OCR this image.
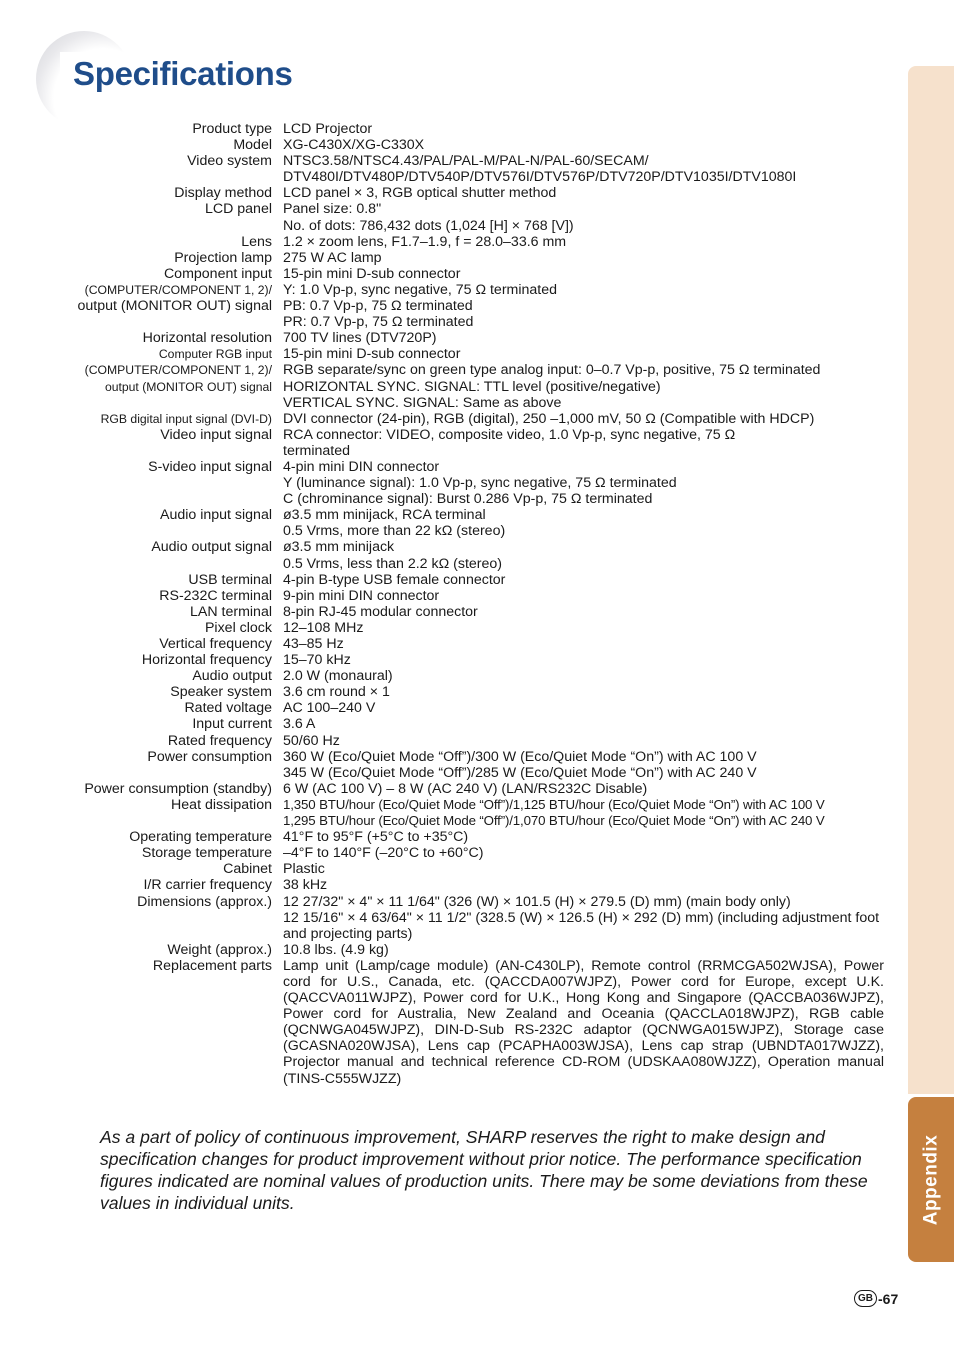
Specifications
Appendix
Product type LCD Projector
Model XG-C430X/XG-C330X
Video system NTSC3.58/NTSC4.43/PAL/PAL-M/PAL-N/PAL-60/SECAM/
DTV480I/DTV480P/DTV540P/DTV576I/DTV576P/DTV720P/DTV1035I/DTV1080I
Display method LCD panel × 3, RGB optical shutter method
LCD panel Panel size: 0.8"
No. of dots: 786,432 dots (1,024 [H] × 768 [V])
Lens 1.2 × zoom lens, F1.7–1.9, f = 28.0–33.6 mm
Projection lamp 275 W AC lamp
Component input 15-pin mini D-sub connector
(COMPUTER/COMPONENT 1, 2)/ Y: 1.0 Vp-p, sync negative, 75 Ω terminated
output (MONITOR OUT) signal PB: 0.7 Vp-p, 75 Ω terminated
PR: 0.7 Vp-p, 75 Ω terminated
Horizontal resolution 700 TV lines (DTV720P)
Computer RGB input 15-pin mini D-sub connector
(COMPUTER/COMPONENT 1, 2)/ RGB separate/sync on green type analog input: 0–0.7 Vp-p, positive, 75 Ω terminated
output (MONITOR OUT) signal HORIZONTAL SYNC. SIGNAL: TTL level (positive/negative)
VERTICAL SYNC. SIGNAL: Same as above
RGB digital input signal (DVI-D) DVI connector (24-pin), RGB (digital), 250 –1,000 mV, 50 Ω (Compatible with HDCP)
Video input signal RCA connector: VIDEO, composite video, 1.0 Vp-p, sync negative, 75 Ω
terminated
S-video input signal 4-pin mini DIN connector
Y (luminance signal): 1.0 Vp-p, sync negative, 75 Ω terminated
C (chrominance signal): Burst 0.286 Vp-p, 75 Ω terminated
Audio input signal ø3.5 mm minijack, RCA terminal
0.5 Vrms, more than 22 kΩ (stereo)
Audio output signal ø3.5 mm minijack
0.5 Vrms, less than 2.2 kΩ (stereo)
USB terminal 4-pin B-type USB female connector
RS-232C terminal 9-pin mini DIN connector
LAN terminal 8-pin RJ-45 modular connector
Pixel clock 12–108 MHz
Vertical frequency 43–85 Hz
Horizontal frequency 15–70 kHz
Audio output 2.0 W (monaural)
Speaker system 3.6 cm round × 1
Rated voltage AC 100–240 V
Input current 3.6 A
Rated frequency 50/60 Hz
Power consumption 360 W (Eco/Quiet Mode “Off”)/300 W (Eco/Quiet Mode “On”) with AC 100 V
345 W (Eco/Quiet Mode “Off”)/285 W (Eco/Quiet Mode “On”) with AC 240 V
Power consumption (standby) 6 W (AC 100 V) – 8 W (AC 240 V) (LAN/RS232C Disable)
Heat dissipation 1,350 BTU/hour (Eco/Quiet Mode “Off”)/1,125 BTU/hour (Eco/Quiet Mode “On”) with AC 100 V
1,295 BTU/hour (Eco/Quiet Mode “Off”)/1,070 BTU/hour (Eco/Quiet Mode “On”) with AC 240 V
Operating temperature 41°F to 95°F (+5°C to +35°C)
Storage temperature –4°F to 140°F (–20°C to +60°C)
Cabinet Plastic
I/R carrier frequency 38 kHz
Dimensions (approx.) 12 27/32" × 4" × 11 1/64" (326 (W) × 101.5 (H) × 279.5 (D) mm) (main body only)
12 15/16" × 4 63/64" × 11 1/2" (328.5 (W) × 126.5 (H) × 292 (D) mm) (including adjustment foot
and projecting parts)
Weight (approx.) 10.8 lbs. (4.9 kg)
Replacement parts Lamp unit (Lamp/cage module) (AN-C430LP), Remote control (RRMCGA502WJSA), Power cord for U.S., Canada, etc. (QACCDA007WJPZ), Power cord for Europe, except U.K. (QACCVA011WJPZ), Power cord for U.K., Hong Kong and Singapore (QACCBA036WJPZ), Power cord for Australia, New Zealand and Oceania (QACCLA018WJPZ), RGB cable (QCNWGA045WJPZ), DIN-D-Sub RS-232C adaptor (QCNWGA015WJPZ), Storage case (GCASNA020WJSA), Lens cap (PCAPHA003WJSA), Lens cap strap (UBNDTA017WJZZ), Projector manual and technical reference CD-ROM (UDSKAA080WJZZ), Operation manual (TINS-C555WJZZ)

As a part of policy of continuous improvement, SHARP reserves the right to make design and specification changes for product improvement without prior notice. The performance specification figures indicated are nominal values of production units. There may be some deviations from these values in individual units.

GB -67
